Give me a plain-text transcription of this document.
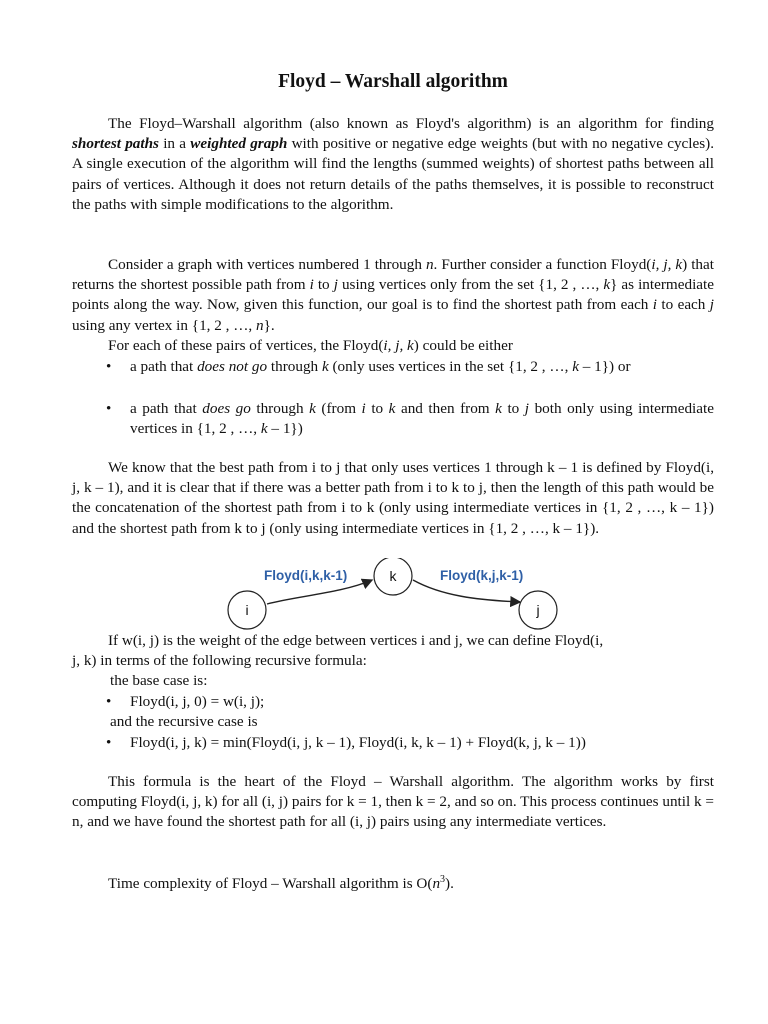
Floyd – Warshall algorithm

The Floyd–Warshall algorithm (also known as Floyd's algorithm) is an algorithm for finding shortest paths in a weighted graph with positive or negative edge weights (but with no negative cycles). A single execution of the algorithm will find the lengths (summed weights) of shortest paths between all pairs of vertices. Although it does not return details of the paths themselves, it is possible to reconstruct the paths with simple modifications to the algorithm.

Consider a graph with vertices numbered 1 through n. Further consider a function Floyd(i, j, k) that returns the shortest possible path from i to j using vertices only from the set {1, 2 , …, k} as intermediate points along the way. Now, given this function, our goal is to find the shortest path from each i to each j using any vertex in {1, 2 , …, n}.

For each of these pairs of vertices, the Floyd(i, j, k) could be either

• a path that does not go through k (only uses vertices in the set {1, 2 , …, k – 1}) or
• a path that does go through k (from i to k and then from k to j both only using intermediate vertices in {1, 2 , …, k – 1})

We know that the best path from i to j that only uses vertices 1 through k – 1 is defined by Floyd(i, j, k – 1), and it is clear that if there was a better path from i to k to j, then the length of this path would be the concatenation of the shortest path from i to k (only using intermediate vertices in {1, 2 , …, k – 1}) and the shortest path from k to j (only using intermediate vertices in {1, 2 , …, k – 1}).

i
k
j
Floyd(i,k,k-1)	Floyd(k,j,k-1)

If w(i, j) is the weight of the edge between vertices i and j, we can define Floyd(i,

j, k) in terms of the following recursive formula:

the base case is:
• Floyd(i, j, 0) = w(i, j);
and the recursive case is
• Floyd(i, j, k) = min(Floyd(i, j, k – 1), Floyd(i, k, k – 1) + Floyd(k, j, k – 1))

This formula is the heart of the Floyd – Warshall algorithm. The algorithm works by first computing Floyd(i, j, k) for all (i, j) pairs for k = 1, then k = 2, and so on. This process continues until k = n, and we have found the shortest path for all (i, j) pairs using any intermediate vertices.

Time complexity of Floyd – Warshall algorithm is $O(n^3)$.
